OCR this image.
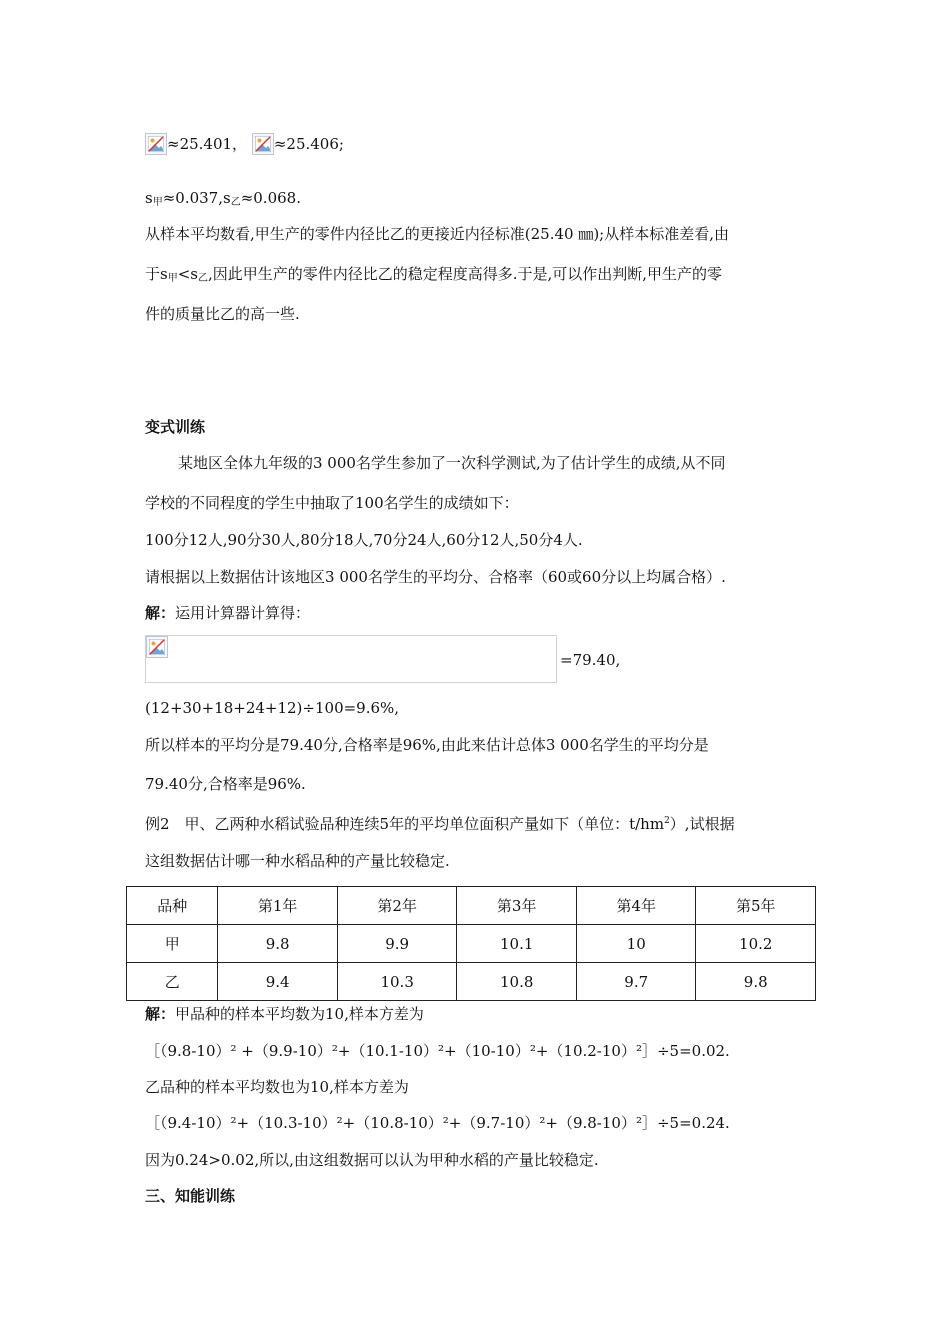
≈25.401， ≈25.406;
$s_甲\approx 0.037,s_乙\approx 0.068$.
从样本平均数看,甲生产的零件内径比乙的更接近内径标准(25.40 ㎜);从样本标准差看,由
于$s_甲<s_乙$,因此甲生产的零件内径比乙的稳定程度高得多.于是,可以作出判断,甲生产的零
件的质量比乙的高一些.
变式训练
某地区全体九年级的3 000名学生参加了一次科学测试,为了估计学生的成绩,从不同
学校的不同程度的学生中抽取了100名学生的成绩如下：
100分12人,90分30人,80分18人,70分24人,60分12人,50分4人.
请根据以上数据估计该地区3 000名学生的平均分、合格率（60或60分以上均属合格）.
解：运用计算器计算得：
=79.40,
(12+30+18+24+12)÷100=9.6%,
所以样本的平均分是79.40分,合格率是96%,由此来估计总体3 000名学生的平均分是
79.40分,合格率是96%.
例2　甲、乙两种水稻试验品种连续5年的平均单位面积产量如下（单位：$t/hm^2$）,试根据
这组数据估计哪一种水稻品种的产量比较稳定.
品种	第1年	第2年	第3年	第4年	第5年
甲	9.8	9.9	10.1	10	10.2
乙	9.4	10.3	10.8	9.7	9.8
解：甲品种的样本平均数为10,样本方差为
［（9.8-10）² +（9.9-10）²+（10.1-10）²+（10-10）²+（10.2-10）²］÷5=0.02.
乙品种的样本平均数也为10,样本方差为
［（9.4-10）²+（10.3-10）²+（10.8-10）²+（9.7-10）²+（9.8-10）²］÷5=0.24.
因为0.24>0.02,所以,由这组数据可以认为甲种水稻的产量比较稳定.
三、知能训练
